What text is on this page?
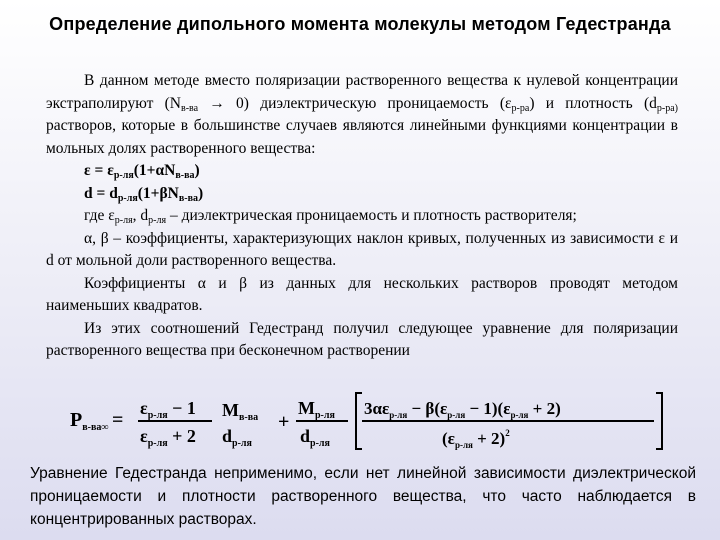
Определение дипольного момента молекулы методом Гедестранда
В данном методе вместо поляризации растворенного вещества к нулевой концентрации экстраполируют $(N_{в-ва} \to 0)$ диэлектрическую проницаемость $(\varepsilon_{р-ра})$ и плотность ($d_{р-ра)}$ растворов, которые в большинстве случаев являются линейными функциями концентрации в мольных долях растворенного вещества:
$\varepsilon = \varepsilon_{р-ля}(1+\alpha N_{в-ва})$
$d = d_{р-ля}(1+\beta N_{в-ва})$
где $\varepsilon_{р-ля}$, $d_{р-ля}$ – диэлектрическая проницаемость и плотность растворителя;
α, β – коэффициенты, характеризующих наклон кривых, полученных из зависимости ε и d от мольной доли растворенного вещества.
Коэффициенты α и β из данных для нескольких растворов проводят методом наименьших квадратов.
Из этих соотношений Гедестранд получил следующее уравнение для поляризации растворенного вещества при бесконечном растворении
$P_{в-ва\infty}$ =
$\varepsilon_{р-ля} - 1$
$\varepsilon_{р-ля} + 2$
$M_{в-ва}$
$d_{р-ля}$
+
$M_{р-ля}$
$d_{р-ля}$
$3\alpha\varepsilon_{р-ля} - \beta(\varepsilon_{р-ля} - 1)(\varepsilon_{р-ля} + 2)$
$(\varepsilon_{р-ля} + 2)^2$
Уравнение Гедестранда неприменимо, если нет линейной зависимости диэлектрической проницаемости и плотности растворенного вещества, что часто наблюдается в концентрированных растворах.
